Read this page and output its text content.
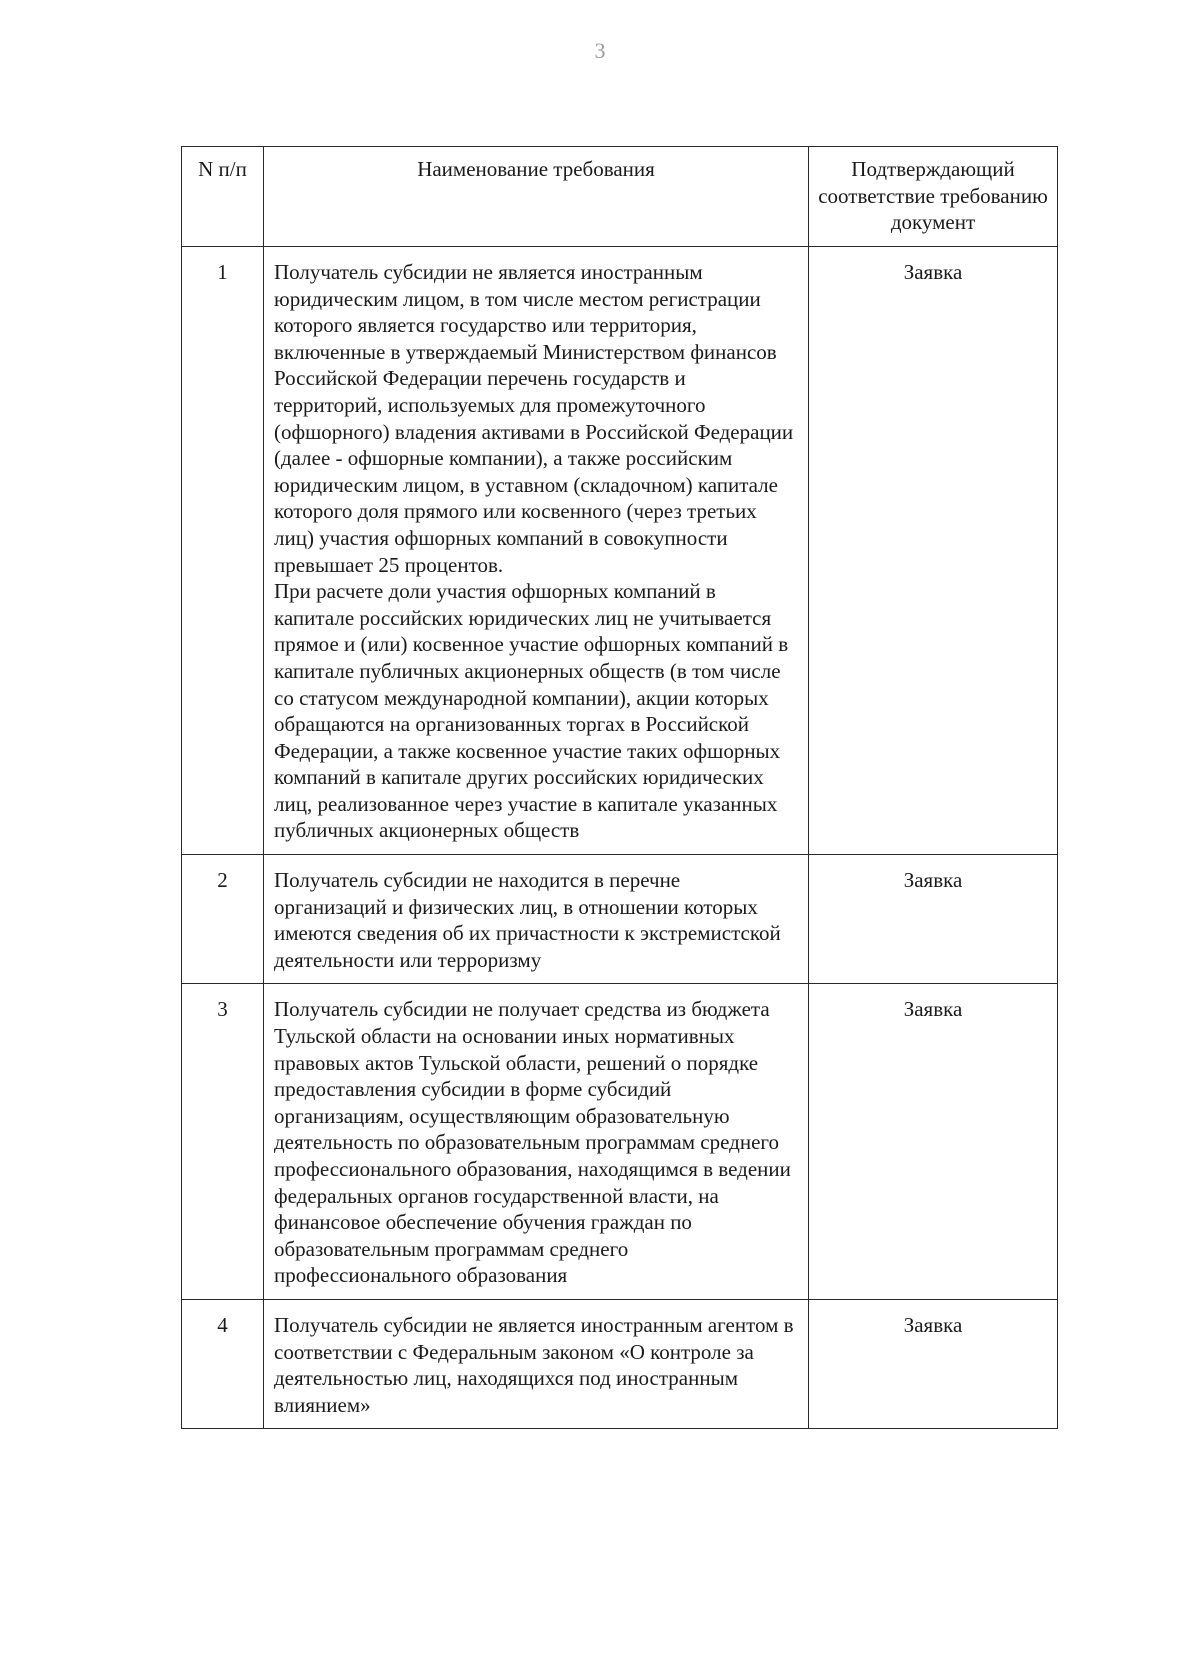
3
N п/п	Наименование требования	Подтверждающий соответствие требованию документ
1	Получатель субсидии не является иностранным юридическим лицом, в том числе местом регистрации которого является государство или территория, включенные в утверждаемый Министерством финансов Российской Федерации перечень государств и территорий, используемых для промежуточного (офшорного) владения активами в Российской Федерации (далее - офшорные компании), а также российским юридическим лицом, в уставном (складочном) капитале которого доля прямого или косвенного (через третьих лиц) участия офшорных компаний в совокупности превышает 25 процентов.
При расчете доли участия офшорных компаний в капитале российских юридических лиц не учитывается прямое и (или) косвенное участие офшорных компаний в капитале публичных акционерных обществ (в том числе со статусом международной компании), акции которых обращаются на организованных торгах в Российской Федерации, а также косвенное участие таких офшорных компаний в капитале других российских юридических лиц, реализованное через участие в капитале указанных публичных акционерных обществ	Заявка
2	Получатель субсидии не находится в перечне организаций и физических лиц, в отношении которых имеются сведения об их причастности к экстремистской деятельности или терроризму	Заявка
3	Получатель субсидии не получает средства из бюджета Тульской области на основании иных нормативных правовых актов Тульской области, решений о порядке предоставления субсидии в форме субсидий организациям, осуществляющим образовательную деятельность по образовательным программам среднего профессионального образования, находящимся в ведении федеральных органов государственной власти, на финансовое обеспечение обучения граждан по образовательным программам среднего профессионального образования	Заявка
4	Получатель субсидии не является иностранным агентом в соответствии с Федеральным законом «О контроле за деятельностью лиц, находящихся под иностранным влиянием»	Заявка
